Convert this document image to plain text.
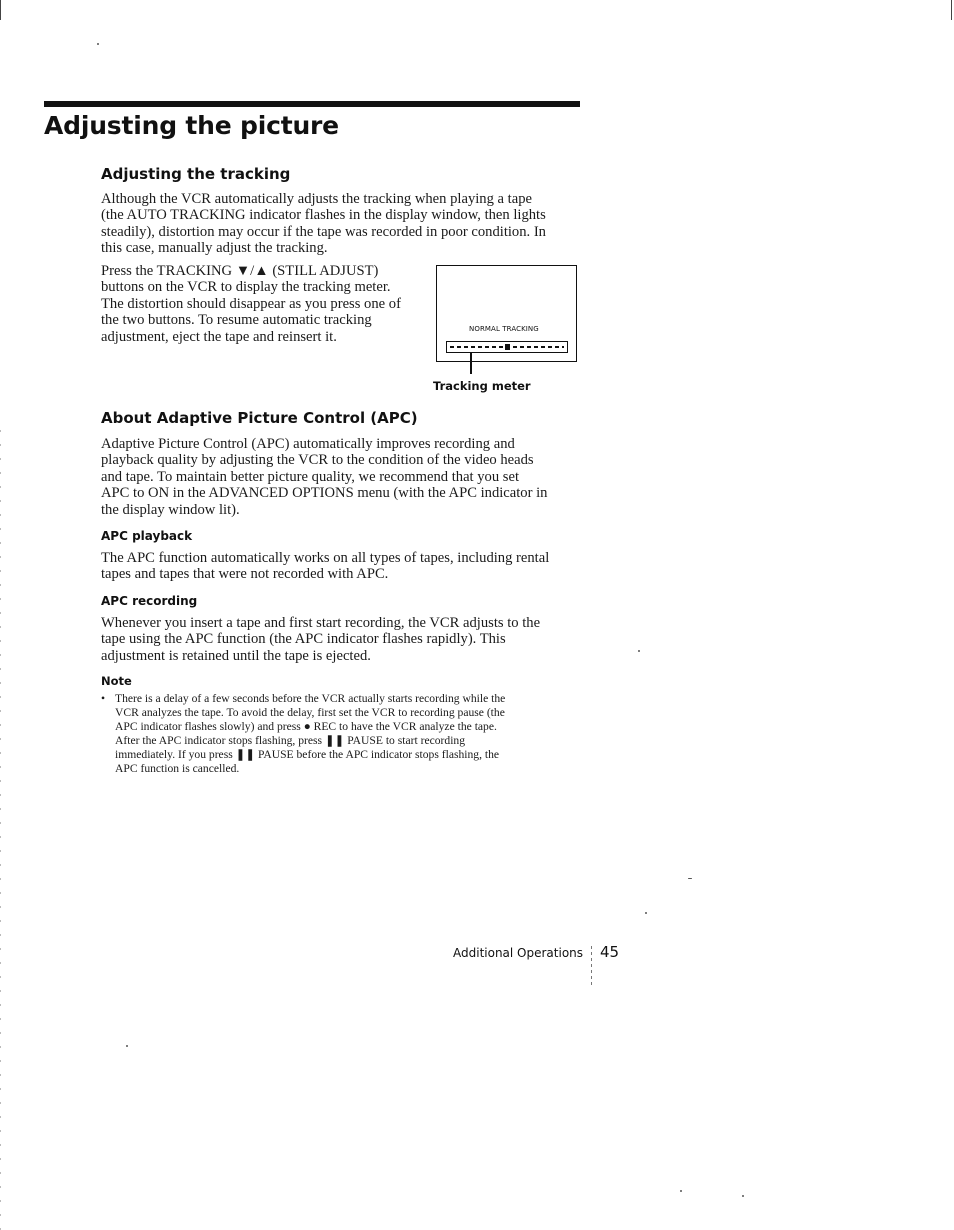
Adjusting the picture
Adjusting the tracking
Although the VCR automatically adjusts the tracking when playing a tape
(the AUTO TRACKING indicator flashes in the display window, then lights
steadily), distortion may occur if the tape was recorded in poor condition. In
this case, manually adjust the tracking.
Press the TRACKING ▼/▲ (STILL ADJUST)
buttons on the VCR to display the tracking meter.
The distortion should disappear as you press one of
the two buttons. To resume automatic tracking
adjustment, eject the tape and reinsert it.	NORMAL TRACKING
Tracking meter
About Adaptive Picture Control (APC)
Adaptive Picture Control (APC) automatically improves recording and
playback quality by adjusting the VCR to the condition of the video heads
and tape. To maintain better picture quality, we recommend that you set
APC to ON in the ADVANCED OPTIONS menu (with the APC indicator in
the display window lit).
APC playback
The APC function automatically works on all types of tapes, including rental
tapes and tapes that were not recorded with APC.
APC recording
Whenever you insert a tape and first start recording, the VCR adjusts to the
tape using the APC function (the APC indicator flashes rapidly). This
adjustment is retained until the tape is ejected.
Note
• There is a delay of a few seconds before the VCR actually starts recording while the
VCR analyzes the tape. To avoid the delay, first set the VCR to recording pause (the
APC indicator flashes slowly) and press ● REC to have the VCR analyze the tape.
After the APC indicator stops flashing, press ❚❚ PAUSE to start recording
immediately. If you press ❚❚ PAUSE before the APC indicator stops flashing, the
APC function is cancelled.
Additional Operations 45
